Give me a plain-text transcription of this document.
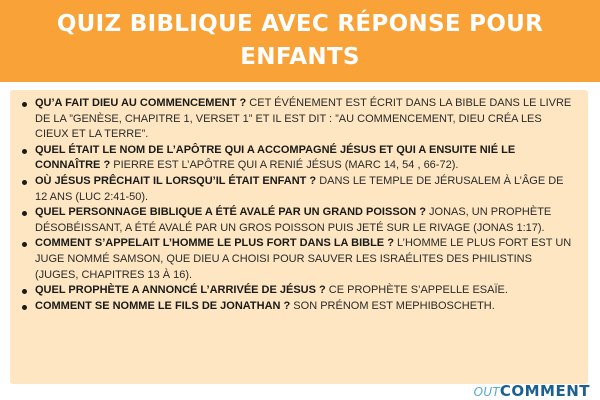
QUIZ BIBLIQUE AVEC RÉPONSE POUR ENFANTS
QU’A FAIT DIEU AU COMMENCEMENT ? CET ÉVÉNEMENT EST ÉCRIT DANS LA BIBLE DANS LE LIVRE DE LA ”GENÈSE, CHAPITRE 1, VERSET 1” ET IL EST DIT : ”AU COMMENCEMENT, DIEU CRÉA LES CIEUX ET LA TERRE”.
QUEL ÉTAIT LE NOM DE L’APÔTRE QUI A ACCOMPAGNÉ JÉSUS ET QUI A ENSUITE NIÉ LE CONNAÎTRE ? PIERRE EST L’APÔTRE QUI A RENIÉ JÉSUS (MARC 14, 54 , 66-72).
OÙ JÉSUS PRÊCHAIT IL LORSQU’IL ÉTAIT ENFANT ? DANS LE TEMPLE DE JÉRUSALEM À L’ÂGE DE 12 ANS (LUC 2:41-50).
QUEL PERSONNAGE BIBLIQUE A ÉTÉ AVALÉ PAR UN GRAND POISSON ? JONAS, UN PROPHÈTE DÉSOBÉISSANT, A ÉTÉ AVALÉ PAR UN GROS POISSON PUIS JETÉ SUR LE RIVAGE (JONAS 1:17).
COMMENT S’APPELAIT L’HOMME LE PLUS FORT DANS LA BIBLE ? L’HOMME LE PLUS FORT EST UN JUGE NOMMÉ SAMSON, QUE DIEU A CHOISI POUR SAUVER LES ISRAÉLITES DES PHILISTINS (JUGES, CHAPITRES 13 À 16).
QUEL PROPHÈTE A ANNONCÉ L’ARRIVÉE DE JÉSUS ? CE PROPHÈTE S’APPELLE ESAÏE.
COMMENT SE NOMME LE FILS DE JONATHAN ? SON PRÉNOM EST MEPHIBOSCHETH.
OUT COMMENT
